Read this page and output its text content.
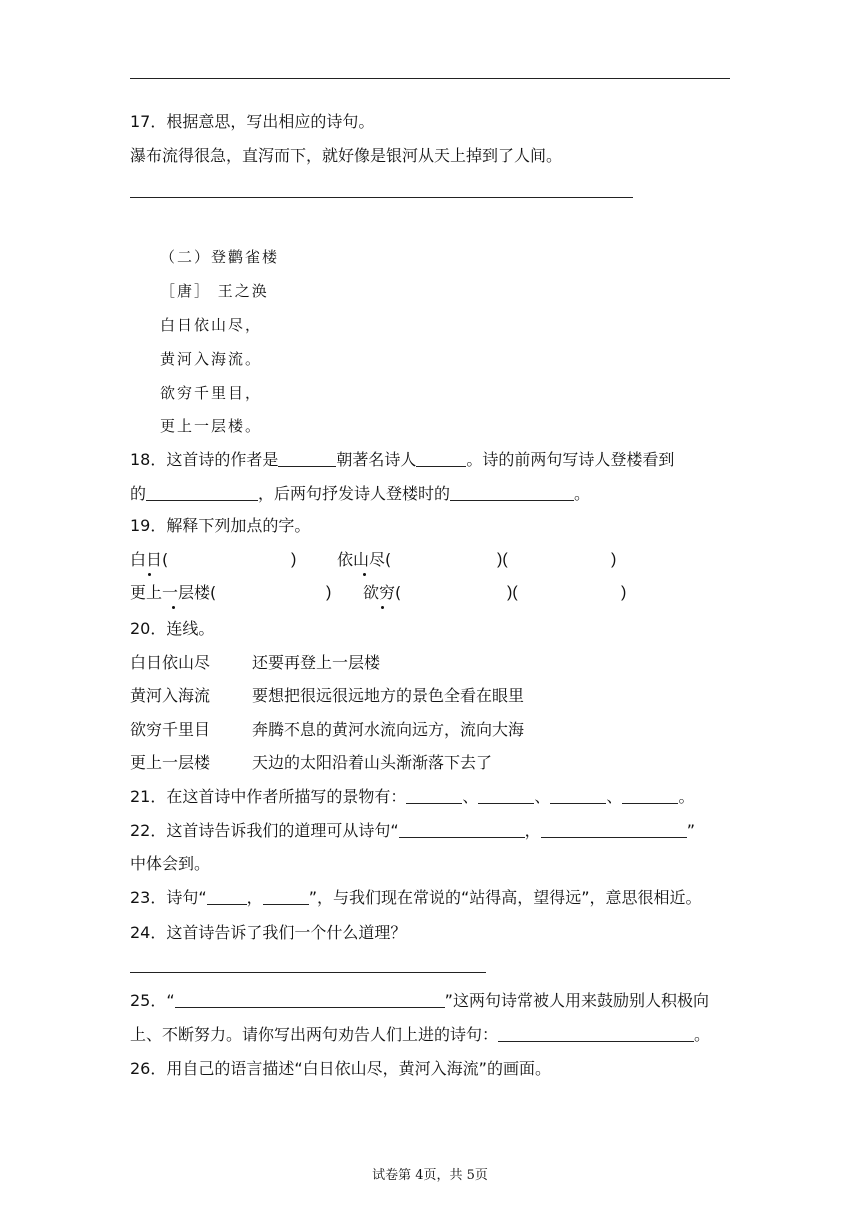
17．根据意思，写出相应的诗句。
瀑布流得很急，直泻而下，就好像是银河从天上掉到了人间。
（二）登鹳雀楼
［唐］ 王之涣
白日依山尽，
黄河入海流。
欲穷千里目，
更上一层楼。
18．这首诗的作者是	朝著名诗人	。诗的前两句写诗人登楼看到
的	，后两句抒发诗人登楼时的	。
19．解释下列加点的字。
白日(	)	依山尽(	)(	)
更上一层楼(	) 欲穷(	)(	)
20．连线。
白日依山尽	还要再登上一层楼
黄河入海流	要想把很远很远地方的景色全看在眼里
欲穷千里目	奔腾不息的黄河水流向远方，流向大海
更上一层楼	天边的太阳沿着山头渐渐落下去了
21．在这首诗中作者所描写的景物有：	、	、	、	。
22．这首诗告诉我们的道理可从诗句“	，	”
中体会到。
23．诗句“	，	”，与我们现在常说的“站得高，望得远”，意思很相近。
24．这首诗告诉了我们一个什么道理？
25．“	”这两句诗常被人用来鼓励别人积极向
上、不断努力。请你写出两句劝告人们上进的诗句：	。
26．用自己的语言描述“白日依山尽，黄河入海流”的画面。
试卷第 4页，共 5页
